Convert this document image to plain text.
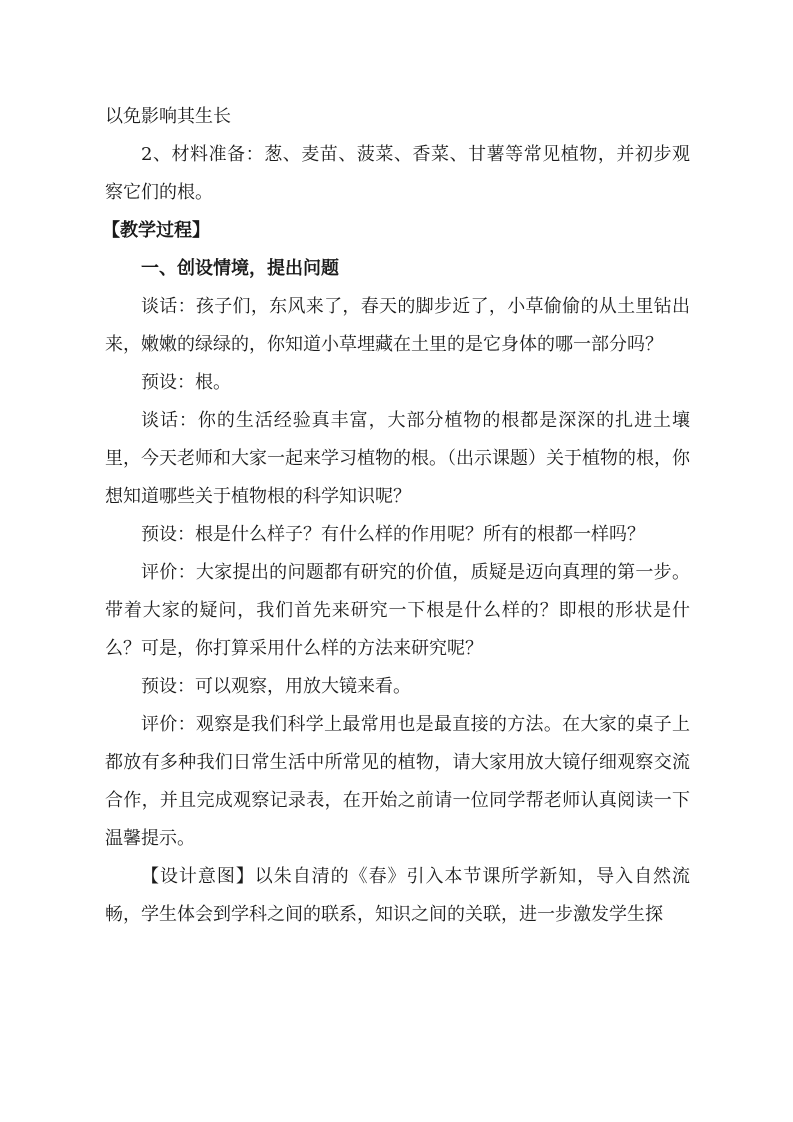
以免影响其生长

2、材料准备：葱、麦苗、菠菜、香菜、甘薯等常见植物，并初步观察它们的根。

【教学过程】

一、创设情境，提出问题

谈话：孩子们，东风来了，春天的脚步近了，小草偷偷的从土里钻出来，嫩嫩的绿绿的，你知道小草埋藏在土里的是它身体的哪一部分吗？

预设：根。

谈话：你的生活经验真丰富，大部分植物的根都是深深的扎进土壤里，今天老师和大家一起来学习植物的根。（出示课题）关于植物的根，你想知道哪些关于植物根的科学知识呢？

预设：根是什么样子？有什么样的作用呢？所有的根都一样吗？

评价：大家提出的问题都有研究的价值，质疑是迈向真理的第一步。带着大家的疑问，我们首先来研究一下根是什么样的？即根的形状是什么？可是，你打算采用什么样的方法来研究呢？

预设：可以观察，用放大镜来看。

评价：观察是我们科学上最常用也是最直接的方法。在大家的桌子上都放有多种我们日常生活中所常见的植物，请大家用放大镜仔细观察交流合作，并且完成观察记录表，在开始之前请一位同学帮老师认真阅读一下温馨提示。

【设计意图】以朱自清的《春》引入本节课所学新知，导入自然流畅，学生体会到学科之间的联系，知识之间的关联，进一步激发学生探
